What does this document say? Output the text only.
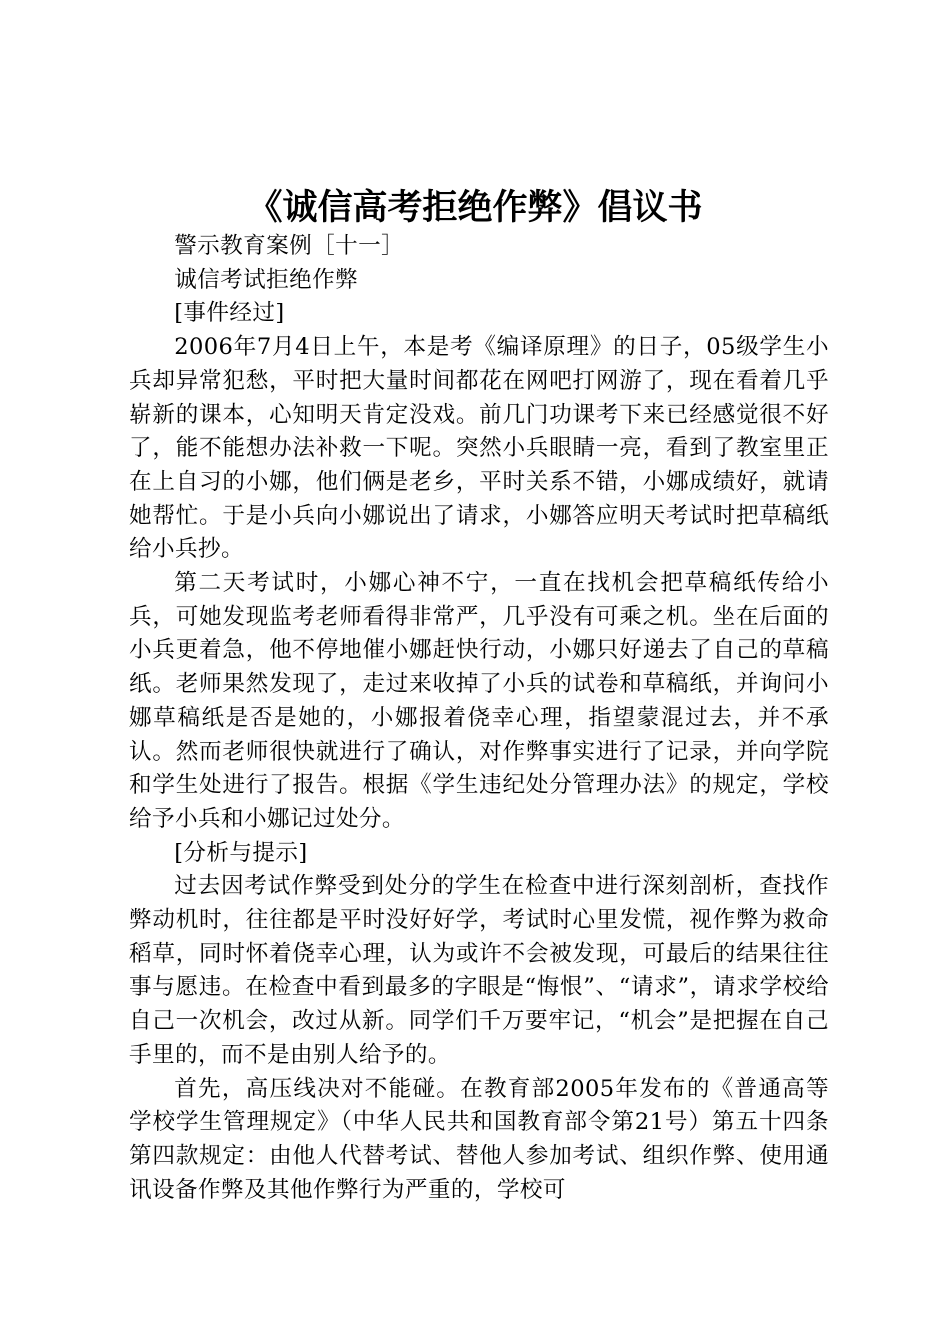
《诚信高考拒绝作弊》倡议书

警示教育案例［十一］

诚信考试拒绝作弊

[事件经过]

2006年7月4日上午，本是考《编译原理》的日子，05级学生小兵却异常犯愁，平时把大量时间都花在网吧打网游了，现在看着几乎崭新的课本，心知明天肯定没戏。前几门功课考下来已经感觉很不好了，能不能想办法补救一下呢。突然小兵眼睛一亮，看到了教室里正在上自习的小娜，他们俩是老乡，平时关系不错，小娜成绩好，就请她帮忙。于是小兵向小娜说出了请求，小娜答应明天考试时把草稿纸给小兵抄。

第二天考试时，小娜心神不宁，一直在找机会把草稿纸传给小兵，可她发现监考老师看得非常严，几乎没有可乘之机。坐在后面的小兵更着急，他不停地催小娜赶快行动，小娜只好递去了自己的草稿纸。老师果然发现了，走过来收掉了小兵的试卷和草稿纸，并询问小娜草稿纸是否是她的，小娜报着侥幸心理，指望蒙混过去，并不承认。然而老师很快就进行了确认，对作弊事实进行了记录，并向学院和学生处进行了报告。根据《学生违纪处分管理办法》的规定，学校给予小兵和小娜记过处分。

[分析与提示]

过去因考试作弊受到处分的学生在检查中进行深刻剖析，查找作弊动机时，往往都是平时没好好学，考试时心里发慌，视作弊为救命稻草，同时怀着侥幸心理，认为或许不会被发现，可最后的结果往往事与愿违。在检查中看到最多的字眼是“悔恨”、“请求”，请求学校给自己一次机会，改过从新。同学们千万要牢记，“机会”是把握在自己手里的，而不是由别人给予的。

首先，高压线决对不能碰。在教育部2005年发布的《普通高等学校学生管理规定》（中华人民共和国教育部令第21号）第五十四条第四款规定：由他人代替考试、替他人参加考试、组织作弊、使用通讯设备作弊及其他作弊行为严重的，学校可
